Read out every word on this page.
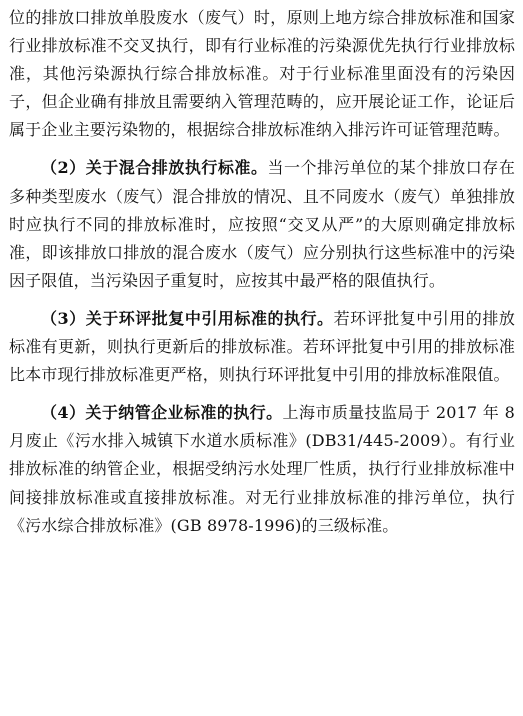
位的排放口排放单股废水（废气）时，原则上地方综合排放标准和国家行业排放标准不交叉执行，即有行业标准的污染源优先执行行业排放标准，其他污染源执行综合排放标准。对于行业标准里面没有的污染因子，但企业确有排放且需要纳入管理范畴的，应开展论证工作，论证后属于企业主要污染物的，根据综合排放标准纳入排污许可证管理范畴。

（2）关于混合排放执行标准。当一个排污单位的某个排放口存在多种类型废水（废气）混合排放的情况、且不同废水（废气）单独排放时应执行不同的排放标准时，应按照“交叉从严”的大原则确定排放标准，即该排放口排放的混合废水（废气）应分别执行这些标准中的污染因子限值，当污染因子重复时，应按其中最严格的限值执行。

（3）关于环评批复中引用标准的执行。若环评批复中引用的排放标准有更新，则执行更新后的排放标准。若环评批复中引用的排放标准比本市现行排放标准更严格，则执行环评批复中引用的排放标准限值。

（4）关于纳管企业标准的执行。上海市质量技监局于 2017 年 8 月废止《污水排入城镇下水道水质标准》(DB31/445-2009）。有行业排放标准的纳管企业，根据受纳污水处理厂性质，执行行业排放标准中间接排放标准或直接排放标准。对无行业排放标准的排污单位，执行《污水综合排放标准》(GB 8978-1996)的三级标准。
